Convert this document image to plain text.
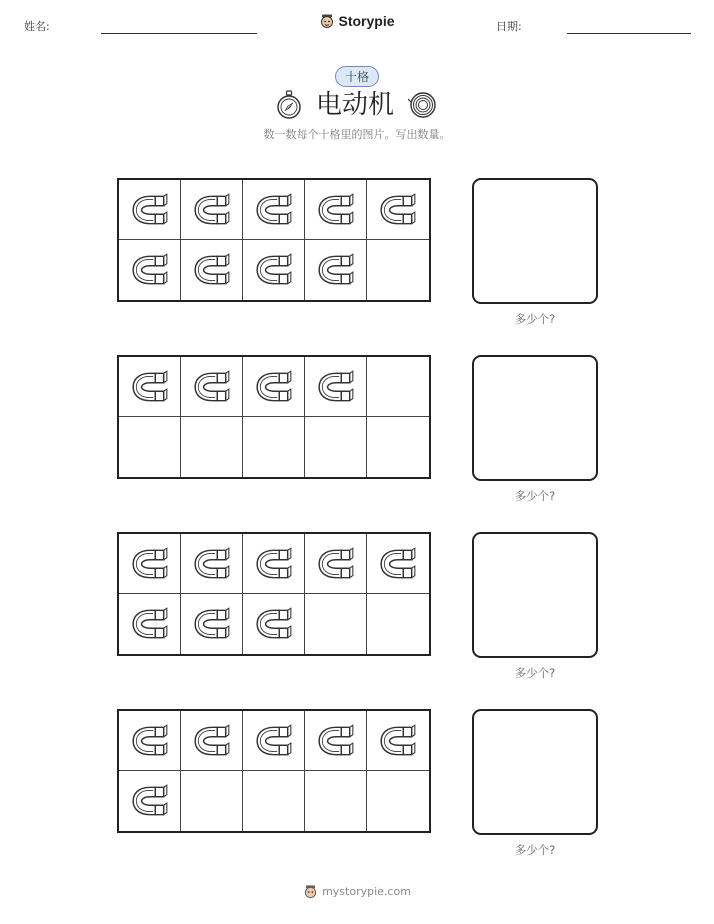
姓名:	Storypie	日期:
十格
电动机
数一数每个十格里的图片。写出数量。
多少个?
多少个?
多少个?
多少个?
mystorypie.com
